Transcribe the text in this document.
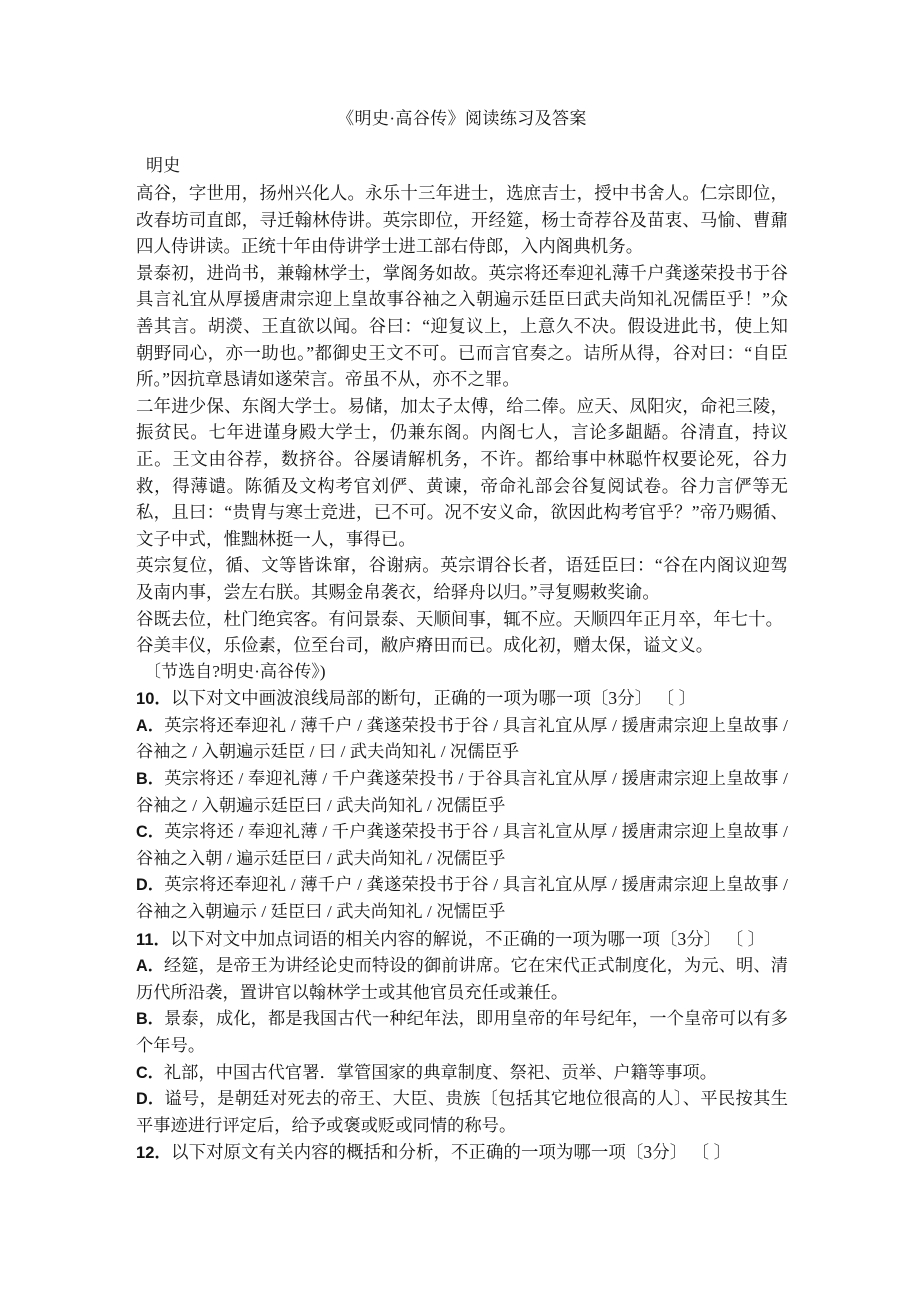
《明史·高谷传》阅读练习及答案
明史

高谷，字世用，扬州兴化人。永乐十三年进士，选庶吉士，授中书舍人。仁宗即位，改春坊司直郎，寻迁翰林侍讲。英宗即位，开经筵，杨士奇荐谷及苗衷、马愉、曹鼐四人侍讲读。正统十年由侍讲学士进工部右侍郎，入内阁典机务。

景泰初，进尚书，兼翰林学士，掌阁务如故。英宗将还奉迎礼薄千户龚遂荣投书于谷具言礼宜从厚援唐肃宗迎上皇故事谷袖之入朝遍示廷臣曰武夫尚知礼况儒臣乎！”众善其言。胡濙、王直欲以闻。谷曰：“迎复议上，上意久不决。假设进此书，使上知朝野同心，亦一助也。”都御史王文不可。已而言官奏之。诘所从得，谷对曰：“自臣所。”因抗章恳请如遂荣言。帝虽不从，亦不之罪。

二年进少保、东阁大学士。易储，加太子太傅，给二俸。应天、凤阳灾，命祀三陵，振贫民。七年进谨身殿大学士，仍兼东阁。内阁七人，言论多龃龉。谷清直，持议正。王文由谷荐，数挤谷。谷屡请解机务，不许。都给事中林聪忤权要论死，谷力救，得薄谴。陈循及文构考官刘俨、黄谏，帝命礼部会谷复阅试卷。谷力言俨等无私，且曰：“贵胄与寒士竞进，已不可。况不安义命，欲因此构考官乎？”帝乃赐循、文子中式，惟黜林挺一人，事得已。

英宗复位，循、文等皆诛窜，谷谢病。英宗谓谷长者，语廷臣曰：“谷在内阁议迎驾及南内事，尝左右朕。其赐金帛袭衣，给驿舟以归。”寻复赐敕奖谕。

谷既去位，杜门绝宾客。有问景泰、天顺间事，辄不应。天顺四年正月卒，年七十。

谷美丰仪，乐俭素，位至台司，敝庐瘠田而已。成化初，赠太保，谥文义。

〔节选自?明史·高谷传》)

10．以下对文中画波浪线局部的断句，正确的一项为哪一项〔3分〕 〔 〕

A．英宗将还奉迎礼 / 薄千户 / 龚遂荣投书于谷 / 具言礼宜从厚 / 援唐肃宗迎上皇故事 / 谷袖之 / 入朝遍示廷臣 / 曰 / 武夫尚知礼 / 况儒臣乎

B．英宗将还 / 奉迎礼薄 / 千户龚遂荣投书 / 于谷具言礼宜从厚 / 援唐肃宗迎上皇故事 / 谷袖之 / 入朝遍示廷臣曰 / 武夫尚知礼 / 况儒臣乎

C．英宗将还 / 奉迎礼薄 / 千户龚遂荣投书于谷 / 具言礼宣从厚 / 援唐肃宗迎上皇故事 / 谷袖之入朝 / 遍示廷臣曰 / 武夫尚知礼 / 况儒臣乎

D．英宗将还奉迎礼 / 薄千户 / 龚遂荣投书于谷 / 具言礼宜从厚 / 援唐肃宗迎上皇故事 / 谷袖之入朝遍示 / 廷臣曰 / 武夫尚知礼 / 况懦臣乎

11．以下对文中加点词语的相关内容的解说，不正确的一项为哪一项〔3分〕 〔 〕

A．经筵，是帝王为讲经论史而特设的御前讲席。它在宋代正式制度化，为元、明、清历代所沿袭，置讲官以翰林学士或其他官员充任或兼任。

B．景泰，成化，都是我国古代一种纪年法，即用皇帝的年号纪年，一个皇帝可以有多个年号。

C．礼部，中国古代官署．掌管国家的典章制度、祭祀、贡举、户籍等事项。

D．谥号，是朝廷对死去的帝王、大臣、贵族〔包括其它地位很高的人〕、平民按其生平事迹进行评定后，给予或褒或贬或同情的称号。

12．以下对原文有关内容的概括和分析，不正确的一项为哪一项〔3分〕 〔 〕
